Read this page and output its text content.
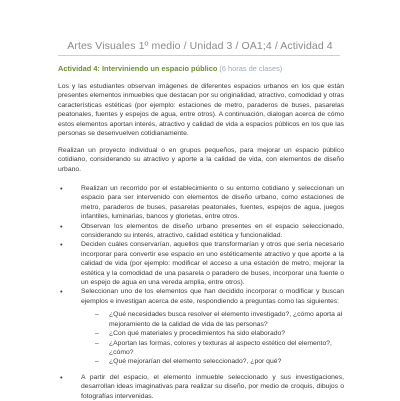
Artes Visuales 1º medio / Unidad 3 / OA1;4 / Actividad 4
Actividad 4: Interviniendo un espacio público (6 horas de clases)
Los y las estudiantes observan imágenes de diferentes espacios urbanos en los que están presentes elementos inmuebles que destacan por su originalidad, atractivo, comodidad y otras características estéticas (por ejemplo: estaciones de metro, paraderos de buses, pasarelas peatonales, fuentes y espejos de agua, entre otros). A continuación, dialogan acerca de cómo estos elementos aportan interés, atractivo y calidad de vida a espacios públicos en los que las personas se desenvuelven cotidianamente.
Realizan un proyecto individual o en grupos pequeños, para mejorar un espacio público cotidiano, considerando su atractivo y aporte a la calidad de vida, con elementos de diseño urbano.
•	Realizan un recorrido por el establecimiento o su entorno cotidiano y seleccionan un espacio para ser intervenido con elementos de diseño urbano, como estaciones de metro, paraderos de buses, pasarelas peatonales, fuentes, espejos de agua, juegos infantiles, luminarias, bancos y glorietas, entre otros.
•	Observan los elementos de diseño urbano presentes en el espacio seleccionado, considerando su interés, atractivo, calidad estética y funcionalidad.
•	Deciden cuáles conservarían, aquellos que transformarían y otros que sería necesario incorporar para convertir ese espacio en uno estéticamente atractivo y que aporte a la calidad de vida (por ejemplo: modificar el acceso a una estación de metro, mejorar la estética y la comodidad de una pasarela o paradero de buses, incorporar una fuente o un espejo de agua en una vereda amplia, entre otros).
•	Seleccionan uno de los elementos que han decidido incorporar o modificar y buscan ejemplos e investigan acerca de este, respondiendo a preguntas como las siguientes:
– ¿Qué necesidades busca resolver el elemento investigado?, ¿cómo aporta al mejoramiento de la calidad de vida de las personas?
– ¿Con qué materiales y procedimientos ha sido elaborado?
– ¿Aportan las formas, colores y texturas al aspecto estético del elemento?, ¿cómo?
– ¿Qué mejorarían del elemento seleccionado?, ¿por qué?
•	A partir del espacio, el elemento inmueble seleccionado y sus investigaciones, desarrollan ideas imaginativas para realizar su diseño, por medio de croquis, dibujos o fotografías intervenidas.
